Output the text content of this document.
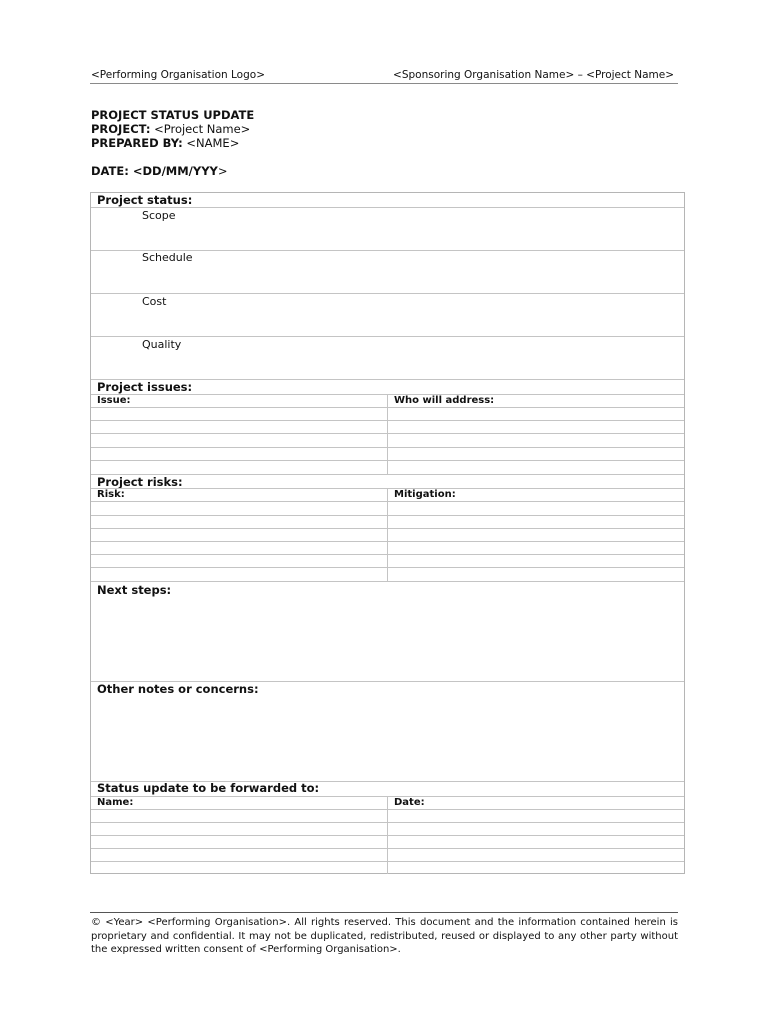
<Performing Organisation Logo>	<Sponsoring Organisation Name> – <Project Name>
PROJECT STATUS UPDATE
PROJECT: <Project Name>
PREPARED BY: <NAME>
DATE: <DD/MM/YYY>
Project status:
Scope
Schedule
Cost
Quality
Project issues:
Issue:	Who will address:
Project risks:
Risk:	Mitigation:
Next steps:
Other notes or concerns:
Status update to be forwarded to:
Name:	Date:
© <Year> <Performing Organisation>. All rights reserved. This document and the information contained herein is proprietary and confidential. It may not be duplicated, redistributed, reused or displayed to any other party without the expressed written consent of <Performing Organisation>.
